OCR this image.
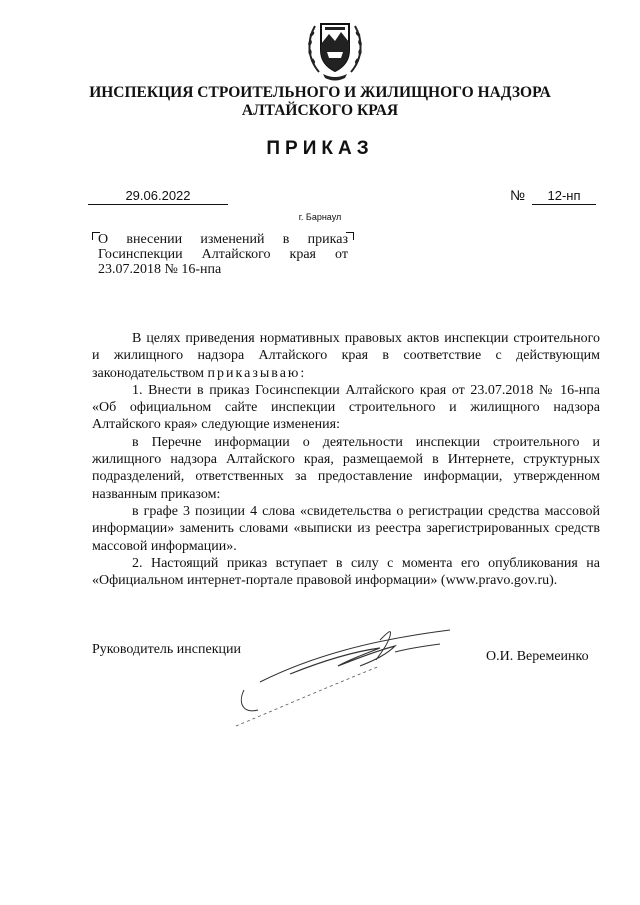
ИНСПЕКЦИЯ СТРОИТЕЛЬНОГО И ЖИЛИЩНОГО НАДЗОРА
АЛТАЙСКОГО КРАЯ
ПРИКАЗ
29.06.2022	№	12-нп
г. Барнаул
О внесении изменений в приказ
Госинспекции Алтайского края от
23.07.2018 № 16-нпа

В целях приведения нормативных правовых актов инспекции строительного и жилищного надзора Алтайского края в соответствие с действующим законодательством приказываю:

1. Внести в приказ Госинспекции Алтайского края от 23.07.2018 № 16-нпа «Об официальном сайте инспекции строительного и жилищного надзора Алтайского края» следующие изменения:

в Перечне информации о деятельности инспекции строительного и жилищного надзора Алтайского края, размещаемой в Интернете, структурных подразделений, ответственных за предоставление информации, утвержденном названным приказом:

в графе 3 позиции 4 слова «свидетельства о регистрации средства массовой информации» заменить словами «выписки из реестра зарегистрированных средств массовой информации».

2. Настоящий приказ вступает в силу с момента его опубликования на «Официальном интернет-портале правовой информации» (www.pravo.gov.ru).

Руководитель инспекции	О.И. Веремеинко
